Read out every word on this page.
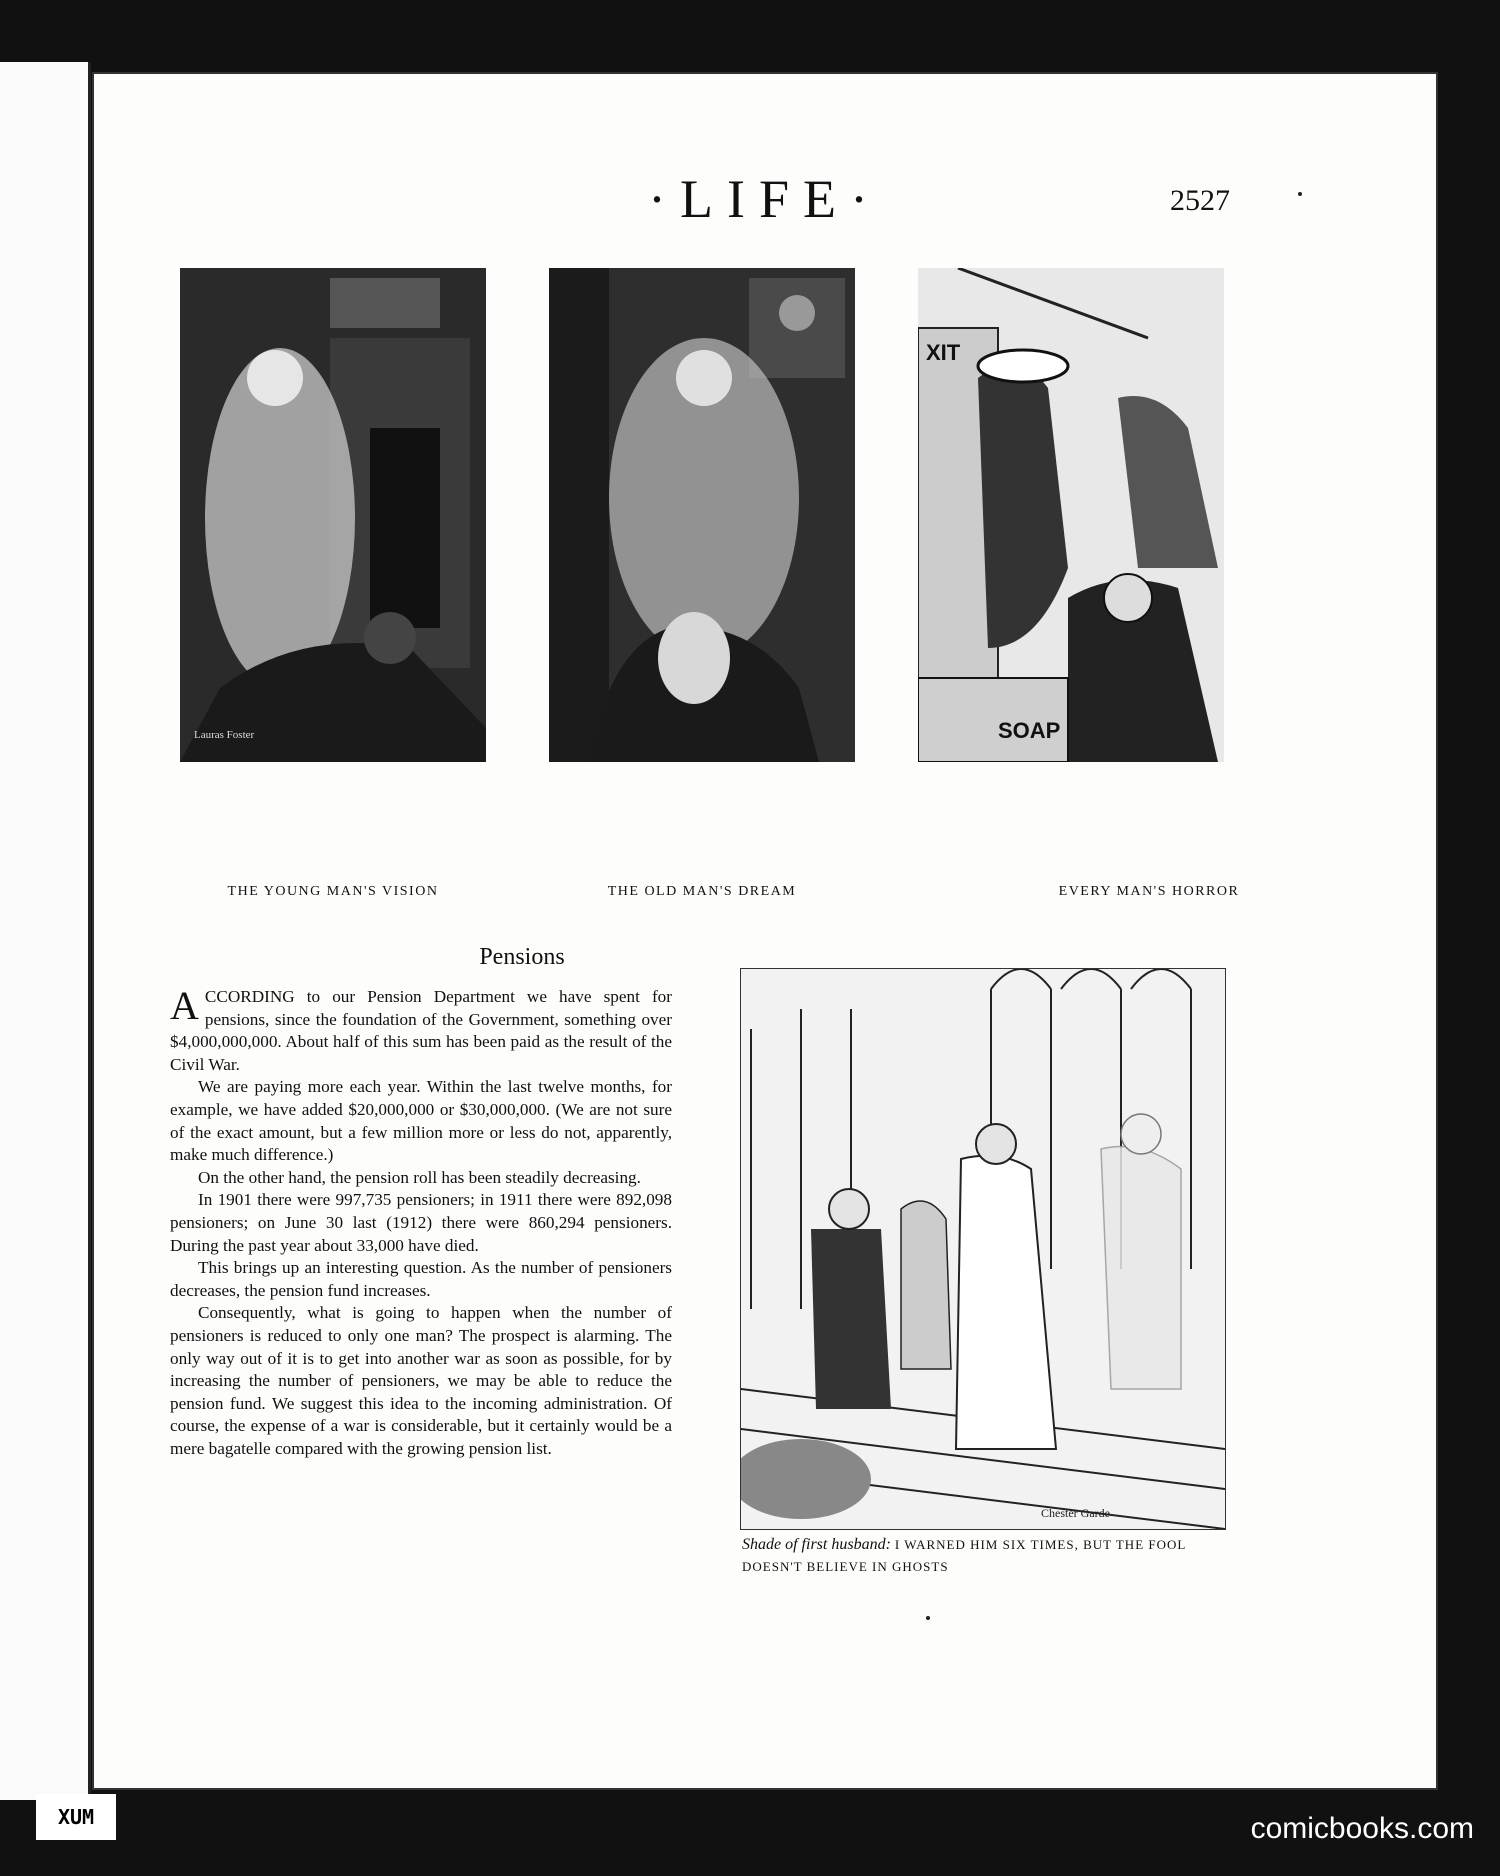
·LIFE·	2527
Lauras Foster
THE YOUNG MAN'S VISION	THE OLD MAN'S DREAM
XIT
SOAP
EVERY MAN'S HORROR
Pensions

ACCORDING to our Pension Department we have spent for pensions, since the foundation of the Government, something over $4,000,000,000. About half of this sum has been paid as the result of the Civil War.

We are paying more each year. Within the last twelve months, for example, we have added $20,000,000 or $30,000,000. (We are not sure of the exact amount, but a few million more or less do not, apparently, make much difference.)

On the other hand, the pension roll has been steadily decreasing.

In 1901 there were 997,735 pensioners; in 1911 there were 892,098 pensioners; on June 30 last (1912) there were 860,294 pensioners. During the past year about 33,000 have died.

This brings up an interesting question. As the number of pensioners decreases, the pension fund increases.

Consequently, what is going to happen when the number of pensioners is reduced to only one man? The prospect is alarming. The only way out of it is to get into another war as soon as possible, for by increasing the number of pensioners, we may be able to reduce the pension fund. We suggest this idea to the incoming administration. Of course, the expense of a war is considerable, but it certainly would be a mere bagatelle compared with the growing pension list.

Chester Garde
Shade of first husband: I WARNED HIM SIX TIMES, BUT THE FOOL DOESN'T BELIEVE IN GHOSTS
XUM	comicbooks.com
